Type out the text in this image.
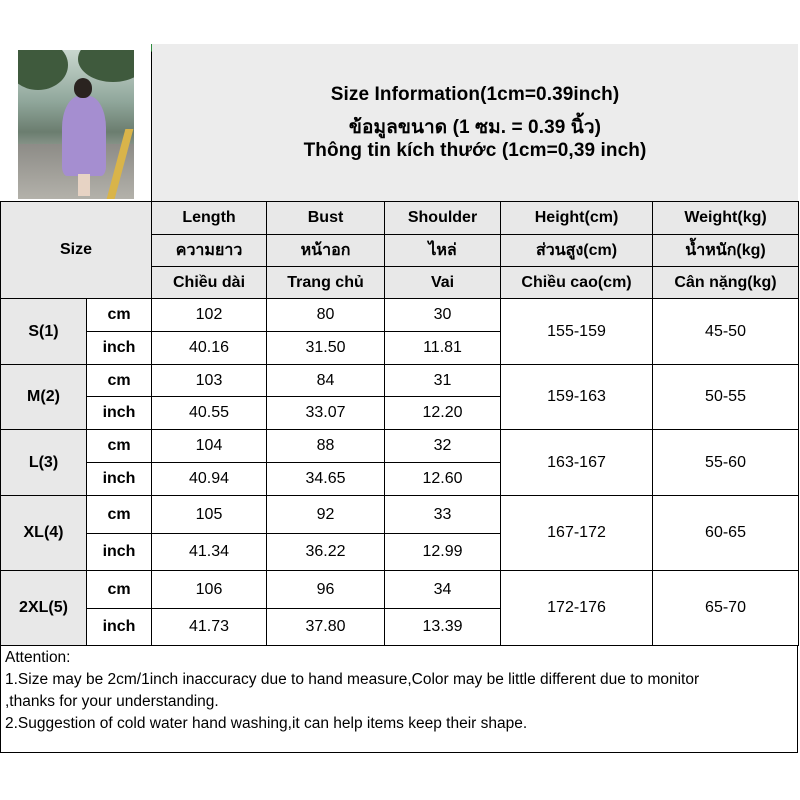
Size Information(1cm=0.39inch)
ข้อมูลขนาด (1 ซม. = 0.39 นิ้ว)
Thông tin kích thước (1cm=0,39 inch)
Size		Length	Bust	Shoulder	Height(cm)	Weight(kg)
		ความยาว	หน้าอก	ไหล่	ส่วนสูง(cm)	น้ำหนัก(kg)
		Chiều dài	Trang chủ	Vai	Chiều cao(cm)	Cân nặng(kg)
S(1)	cm	102	80	30	155-159	45-50
	inch	40.16	31.50	11.81		
M(2)	cm	103	84	31	159-163	50-55
	inch	40.55	33.07	12.20		
L(3)	cm	104	88	32	163-167	55-60
	inch	40.94	34.65	12.60		
XL(4)	cm	105	92	33	167-172	60-65
	inch	41.34	36.22	12.99		
2XL(5)	cm	106	96	34	172-176	65-70
	inch	41.73	37.80	13.39		
Attention:
1.Size may be 2cm/1inch inaccuracy due to hand measure,Color may be little different due to monitor
,thanks for your understanding.
2.Suggestion of cold water hand washing,it can help items keep their shape.
